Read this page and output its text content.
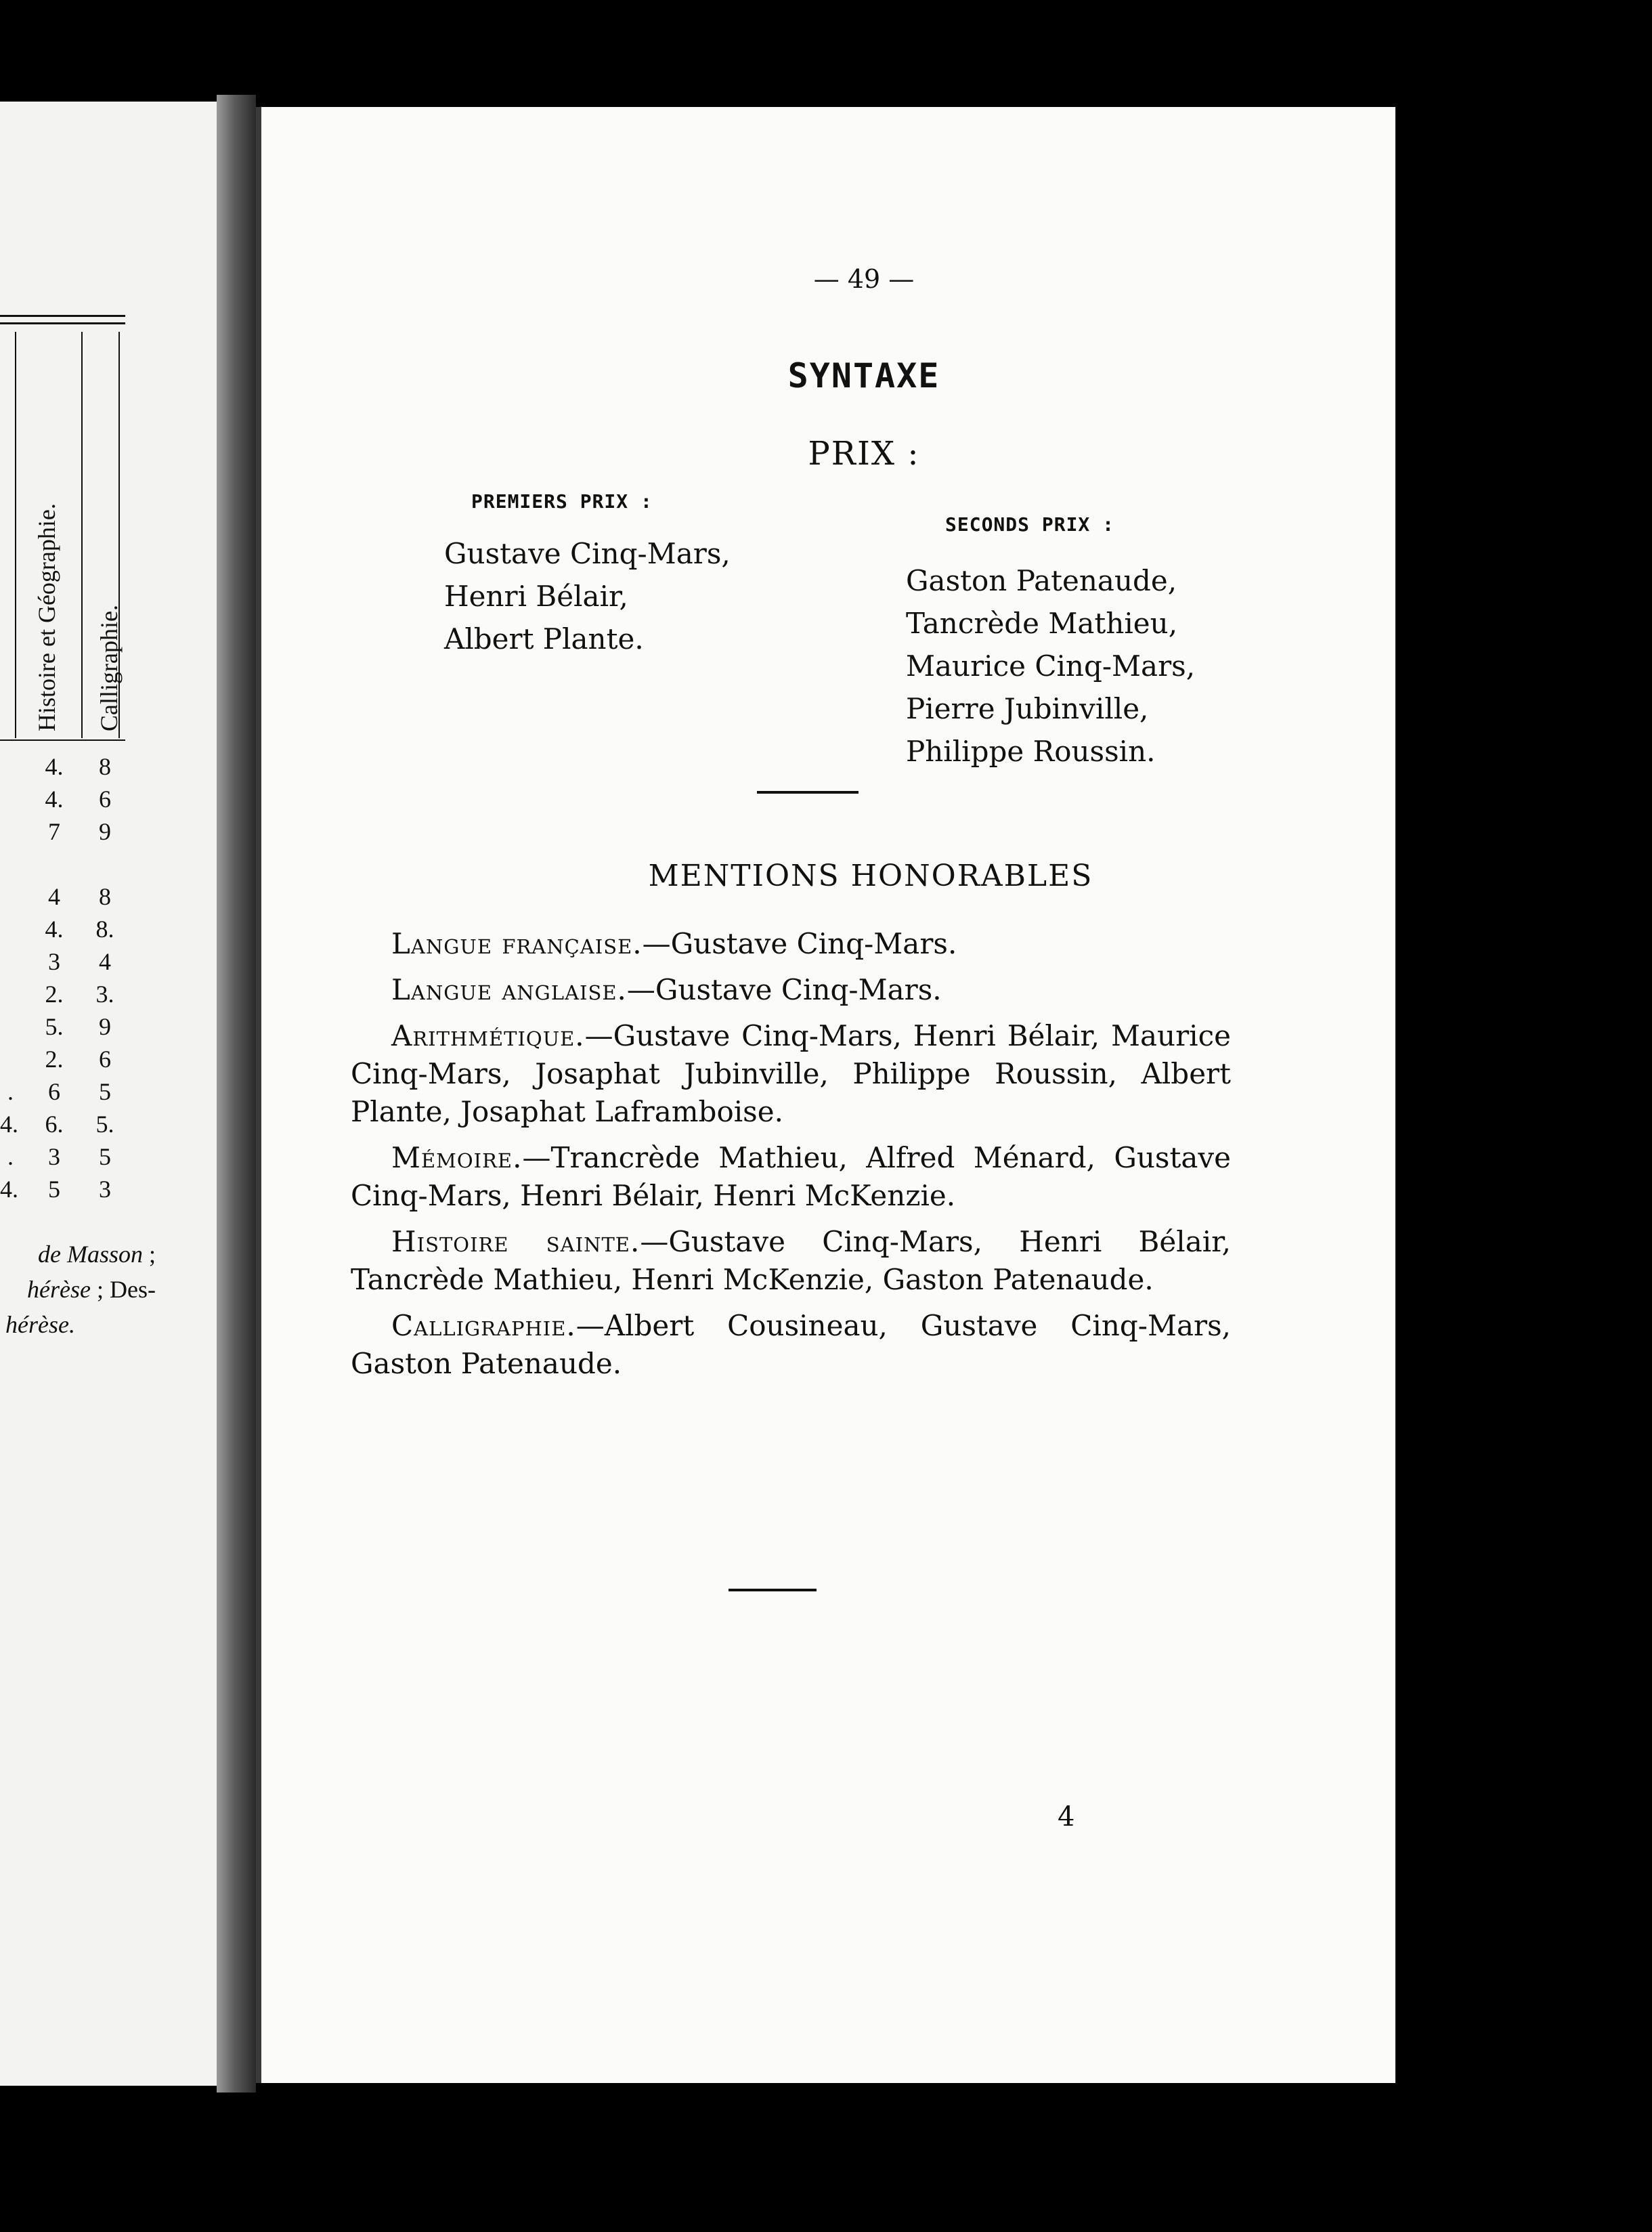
Histoire et Géographie. Calligraphie.
.
4.
.
4.
4.
4.
7
4
4.
3
2.
5.
2.
6
6.
3
5
8
6
9
8
8.
4
3.
9
6
5
5.
5
3
de Masson ;
hérèse ; Des-
hérèse.
— 49 —
SYNTAXE
PRIX :
PREMIERS PRIX :
Gustave Cinq-Mars,
Henri Bélair,
Albert Plante.
SECONDS PRIX :
Gaston Patenaude,
Tancrède Mathieu,
Maurice Cinq-Mars,
Pierre Jubinville,
Philippe Roussin.
MENTIONS HONORABLES

Langue française.—Gustave Cinq-Mars.

Langue anglaise.—Gustave Cinq-Mars.

Arithmétique.—Gustave Cinq-Mars, Henri Bélair, Maurice Cinq-Mars, Josaphat Jubinville, Philippe Roussin, Albert Plante, Josaphat Laframboise.

Mémoire.—Trancrède Mathieu, Alfred Ménard, Gustave Cinq-Mars, Henri Bélair, Henri McKenzie.

Histoire sainte.—Gustave Cinq-Mars, Henri Bélair, Tancrède Mathieu, Henri McKenzie, Gaston Patenaude.

Calligraphie.—Albert Cousineau, Gustave Cinq-Mars, Gaston Patenaude.

4
